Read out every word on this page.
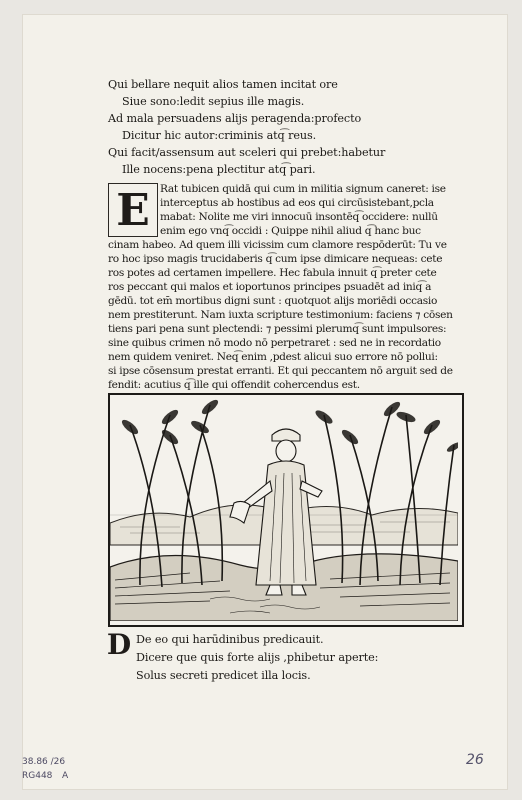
Qui bellare nequit alios tamen incitat ore
Siue sono:ledit sepius ille magis.
Ad mala persuadens alijs peragenda:profecto
Dicitur hic autor:criminis atq͡ reus.
Qui facit/assensum aut sceleri qui prebet:habetur
Ille nocens:pena plectitur atq͡ pari.
E Rat tubicen quidā qui cum in militia signum caneret: ise
interceptus ab hostibus ad eos qui circūsistebant,pcla
mabat: Nolite me viri innocuū insontēq͡ occidere: nullū
enim ego vnq͡ occidi : Quippe nihil aliud q͡ hanc buc
cinam habeo. Ad quem illi vicissim cum clamore respōderūt: Tu ve
ro hoc ipso magis trucidaberis q͡ cum ipse dimicare nequeas: cete
ros potes ad certamen impellere. Hec fabula innuit q͡ preter cete
ros peccant qui malos et ioportunos principes psuadēt ad iniq͡ a
gēdū. tot em̄ mortibus digni sunt : quotquot alijs moriēdi occasio
nem prestiterunt. Nam iuxta scripture testimonium: faciens ⁊ cōsen
tiens pari pena sunt plectendi: ⁊ pessimi plerumq͡ sunt impulsores:
sine quibus crimen nō modo nō perpetraret : sed ne in recordatio
nem quidem veniret. Neq͡ enim ,pdest alicui suo errore nō pollui:
si ipse cōsensum prestat erranti. Et qui peccantem nō arguit sed de
fendit: acutius q͡ ille qui offendit cohercendus est.
D De eo qui harūdinibus predicauit.
Dicere que quis forte alijs ,phibetur aperte:
Solus secreti predicet illa locis.
38.86 /26
RG448 A
26
